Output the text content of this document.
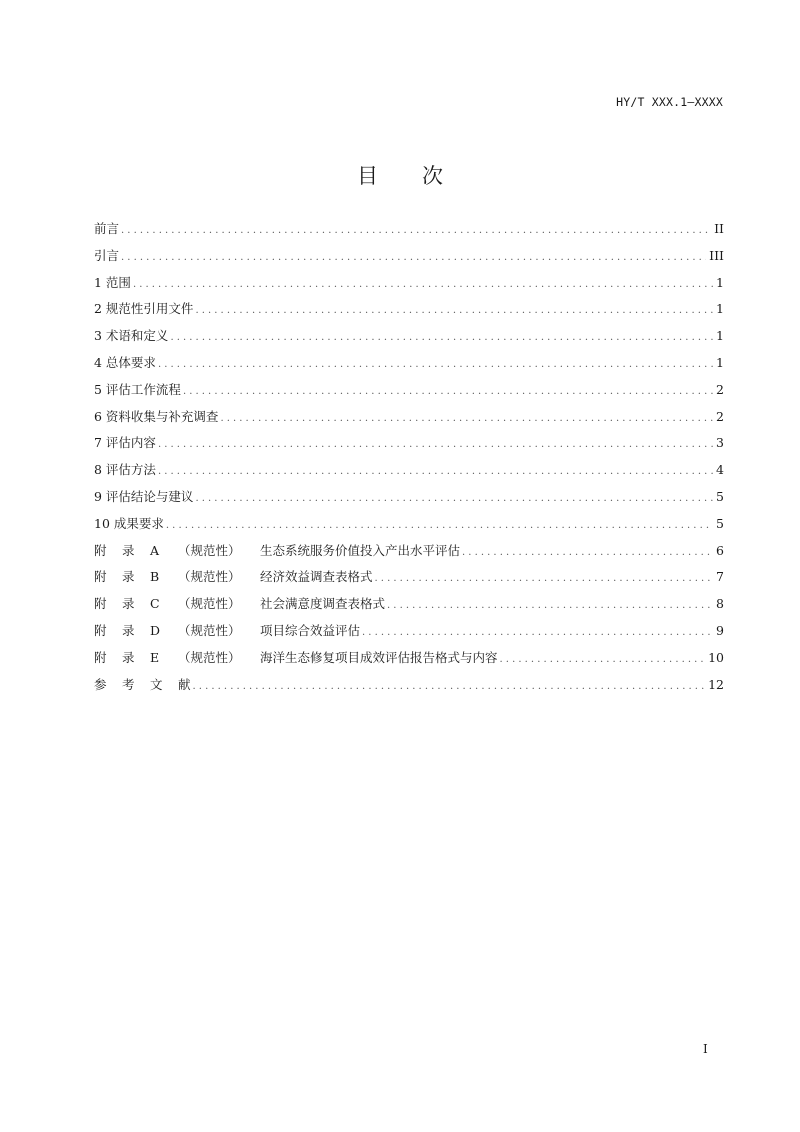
HY/T XXX.1—XXXX
目 次
前言 .....	II
引言 .....	III
1 范围 .....	1
2 规范性引用文件 .....	1
3 术语和定义 .....	1
4 总体要求 .....	1
5 评估工作流程 .....	2
6 资料收集与补充调查 .....	2
7 评估内容 .....	3
8 评估方法 .....	4
9 评估结论与建议 .....	5
10 成果要求 .....	5
附	录	A	（规范性）	生态系统服务价值投入产出水平评估 .....	6
附	录	B	（规范性）	经济效益调查表格式 .....	7
附	录	C	（规范性）	社会满意度调查表格式 .....	8
附	录	D	（规范性）	项目综合效益评估 .....	9
附	录	E	（规范性）	海洋生态修复项目成效评估报告格式与内容 .....	10
参	考	文	献 .....	12
I
